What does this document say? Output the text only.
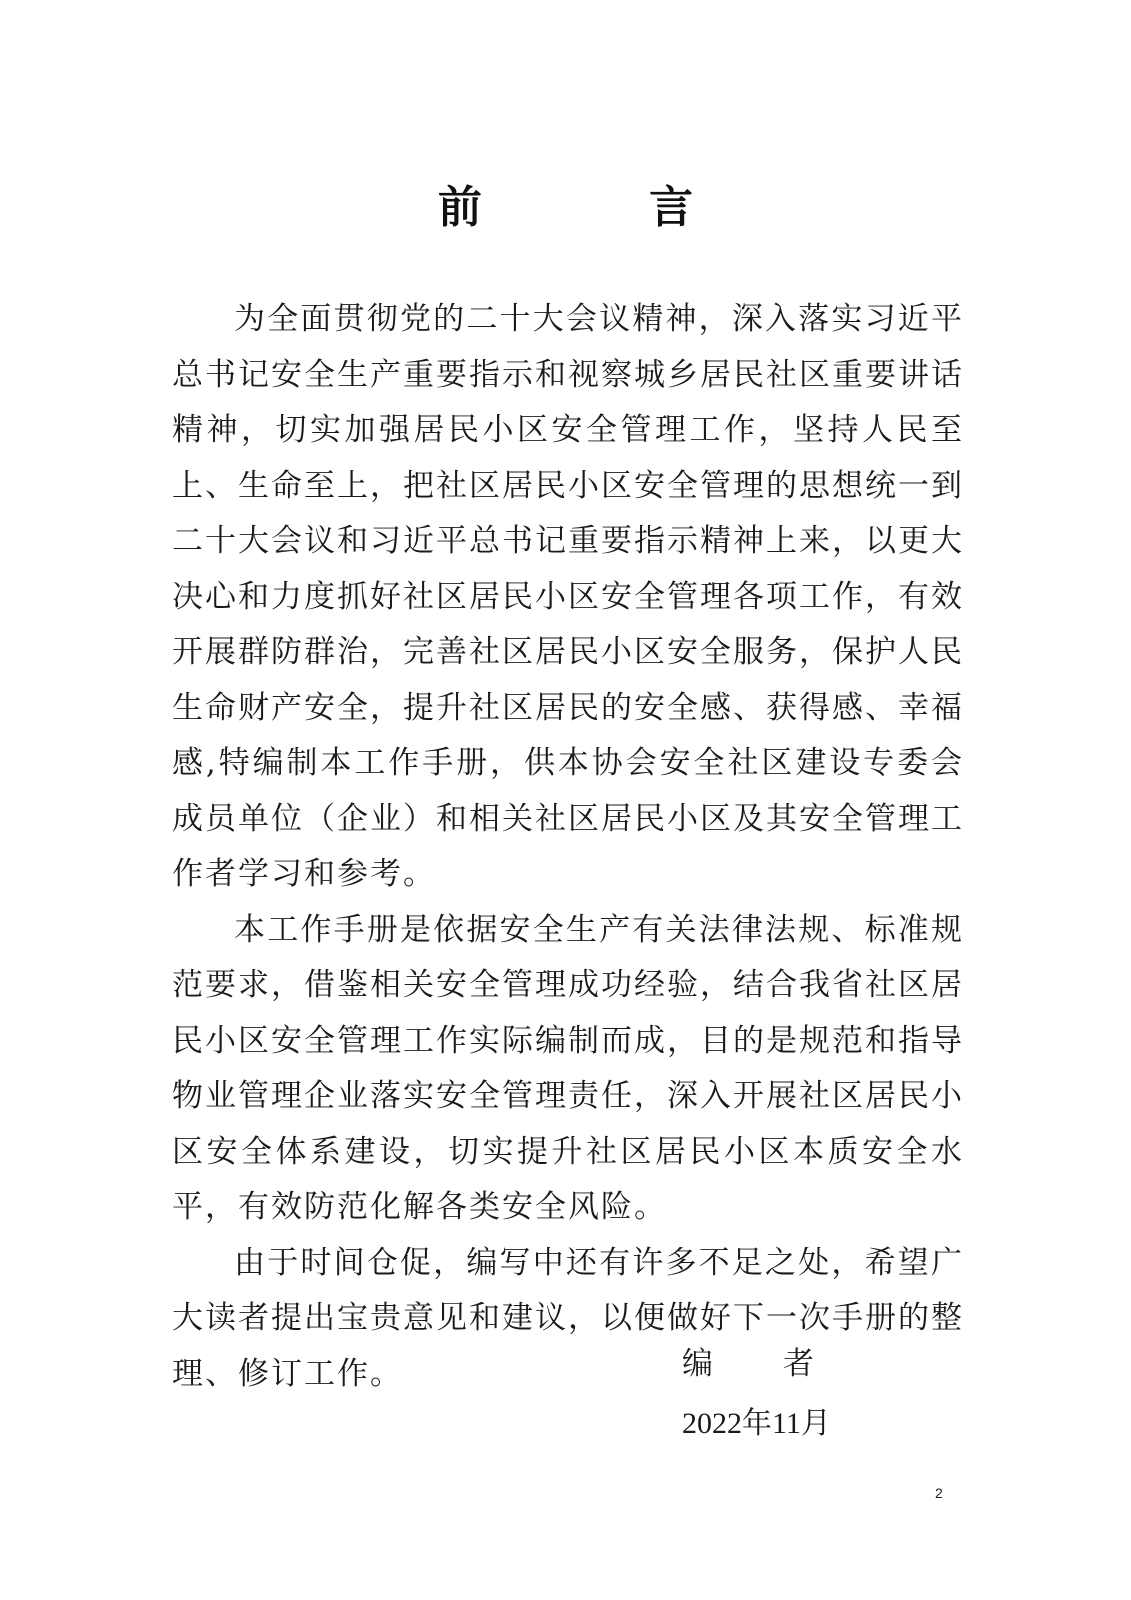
前 言

为全面贯彻党的二十大会议精神，深入落实习近平总书记安全生产重要指示和视察城乡居民社区重要讲话精神，切实加强居民小区安全管理工作，坚持人民至上、生命至上，把社区居民小区安全管理的思想统一到二十大会议和习近平总书记重要指示精神上来，以更大决心和力度抓好社区居民小区安全管理各项工作，有效开展群防群治，完善社区居民小区安全服务，保护人民生命财产安全，提升社区居民的安全感、获得感、幸福感,特编制本工作手册，供本协会安全社区建设专委会成员单位（企业）和相关社区居民小区及其安全管理工作者学习和参考。

本工作手册是依据安全生产有关法律法规、标准规范要求，借鉴相关安全管理成功经验，结合我省社区居民小区安全管理工作实际编制而成，目的是规范和指导物业管理企业落实安全管理责任，深入开展社区居民小区安全体系建设，切实提升社区居民小区本质安全水平，有效防范化解各类安全风险。

由于时间仓促，编写中还有许多不足之处，希望广大读者提出宝贵意见和建议，以便做好下一次手册的整理、修订工作。	编者
2022年11月
2
